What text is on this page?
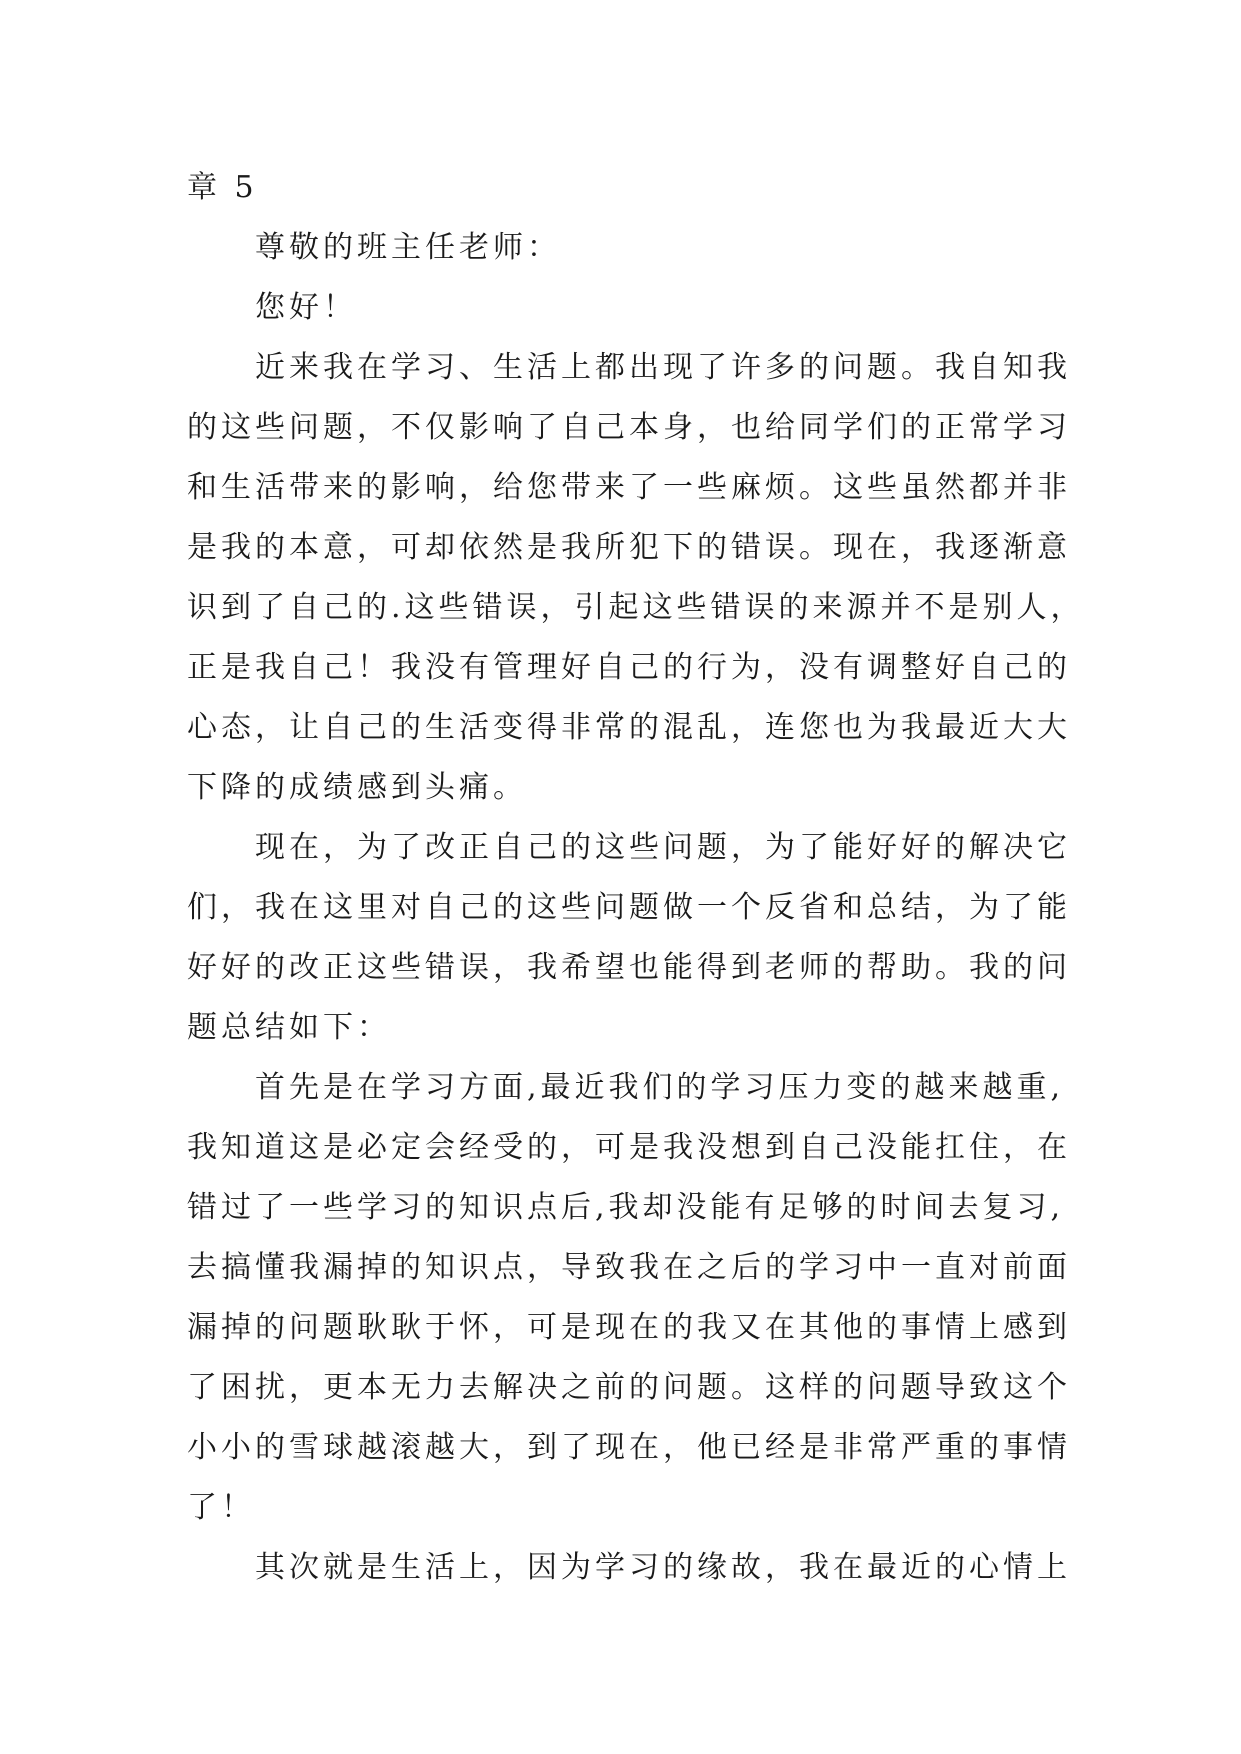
章 5
尊敬的班主任老师：
您好！
近来我在学习、生活上都出现了许多的问题。我自知我
的这些问题，不仅影响了自己本身，也给同学们的正常学习
和生活带来的影响，给您带来了一些麻烦。这些虽然都并非
是我的本意，可却依然是我所犯下的错误。现在，我逐渐意
识到了自己的.这些错误，引起这些错误的来源并不是别人，
正是我自己！我没有管理好自己的行为，没有调整好自己的
心态，让自己的生活变得非常的混乱，连您也为我最近大大
下降的成绩感到头痛。
现在，为了改正自己的这些问题，为了能好好的解决它
们，我在这里对自己的这些问题做一个反省和总结，为了能
好好的改正这些错误，我希望也能得到老师的帮助。我的问
题总结如下：
首先是在学习方面,最近我们的学习压力变的越来越重,
我知道这是必定会经受的，可是我没想到自己没能扛住，在
错过了一些学习的知识点后,我却没能有足够的时间去复习,
去搞懂我漏掉的知识点，导致我在之后的学习中一直对前面
漏掉的问题耿耿于怀，可是现在的我又在其他的事情上感到
了困扰，更本无力去解决之前的问题。这样的问题导致这个
小小的雪球越滚越大，到了现在，他已经是非常严重的事情
了！
其次就是生活上，因为学习的缘故，我在最近的心情上
